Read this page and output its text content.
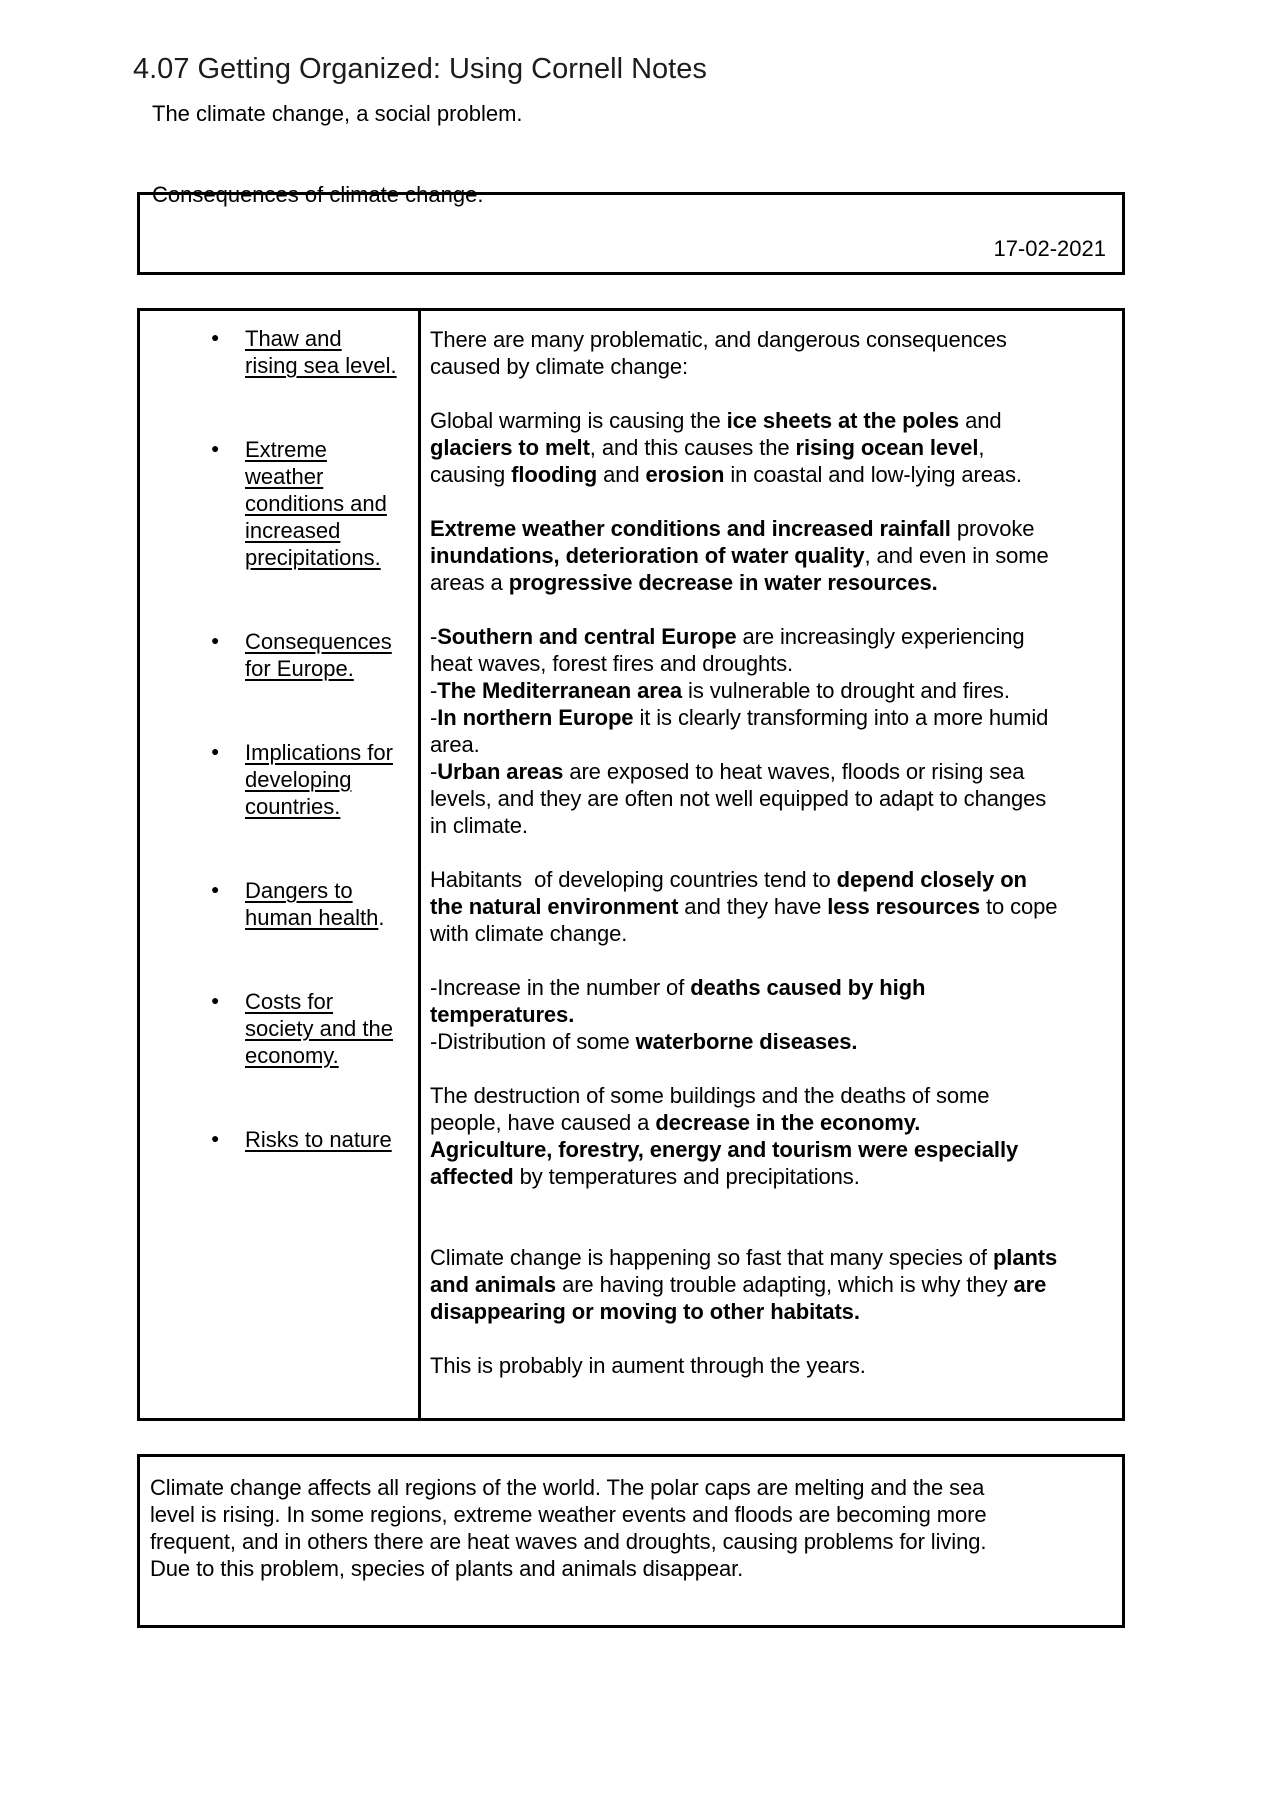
4.07 Getting Organized: Using Cornell Notes

The climate change, a social problem.

Consequences of climate change.

17-02-2021
● Thaw and
rising sea level.
● Extreme
weather
conditions and
increased
precipitations.
● Consequences
for Europe.
● Implications for
developing
countries.
● Dangers to
human health.
● Costs for
society and the
economy.
● Risks to nature
There are many problematic, and dangerous consequences
caused by climate change:
Global warming is causing the ice sheets at the poles and
glaciers to melt, and this causes the rising ocean level,
causing flooding and erosion in coastal and low-lying areas.
Extreme weather conditions and increased rainfall provoke
inundations, deterioration of water quality, and even in some
areas a progressive decrease in water resources.
-Southern and central Europe are increasingly experiencing
heat waves, forest fires and droughts.
-The Mediterranean area is vulnerable to drought and fires.
-In northern Europe it is clearly transforming into a more humid
area.
-Urban areas are exposed to heat waves, floods or rising sea
levels, and they are often not well equipped to adapt to changes
in climate.
Habitants  of developing countries tend to depend closely on
the natural environment and they have less resources to cope
with climate change.
-Increase in the number of deaths caused by high
temperatures.
-Distribution of some waterborne diseases.
The destruction of some buildings and the deaths of some
people, have caused a decrease in the economy.
Agriculture, forestry, energy and tourism were especially
affected by temperatures and precipitations.
Climate change is happening so fast that many species of plants
and animals are having trouble adapting, which is why they are
disappearing or moving to other habitats.
This is probably in aument through the years.
Climate change affects all regions of the world. The polar caps are melting and the sea
level is rising. In some regions, extreme weather events and floods are becoming more
frequent, and in others there are heat waves and droughts, causing problems for living.
Due to this problem, species of plants and animals disappear.
